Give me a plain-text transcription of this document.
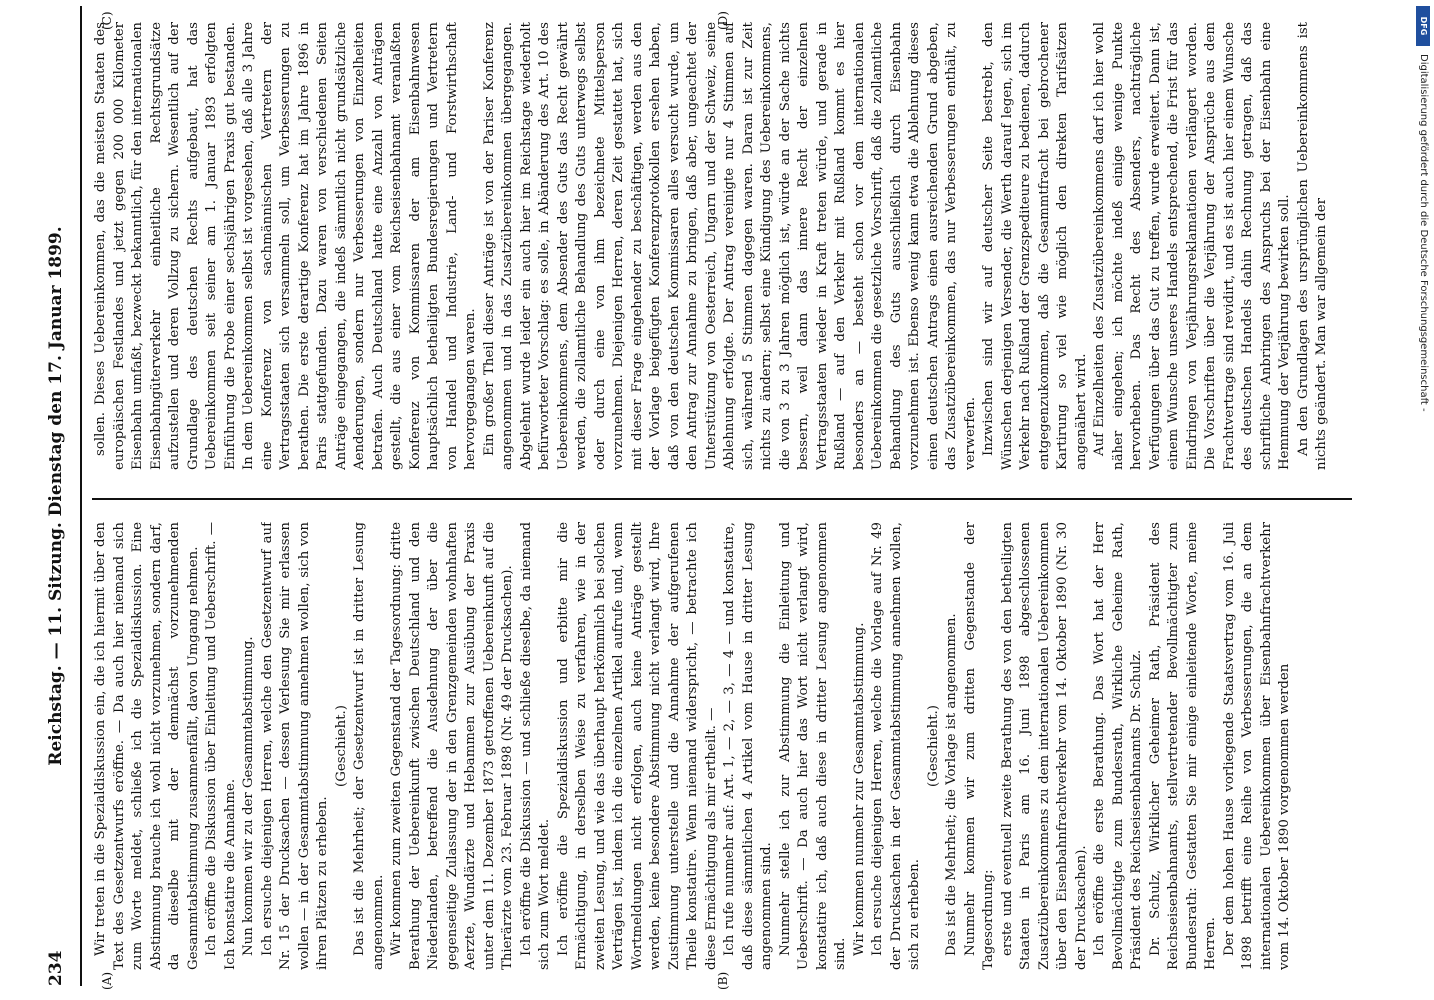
234
Reichstag. — 11. Sitzung. Dienstag den 17. Januar 1899.
(A)	(B)
(C)	(D)

Wir treten in die Spezialdiskussion ein, die ich hiermit über den Text des Gesetzentwurfs eröffne. — Da auch hier niemand sich zum Worte meldet, schließe ich die Spezialdiskussion. Eine Abstimmung brauche ich wohl nicht vorzunehmen, sondern darf, da dieselbe mit der demnächst vorzunehmenden Gesammtabstimmung zusammenfällt, davon Umgang nehmen. Ich eröffne die Diskussion über Einleitung und Ueberschrift. — Ich konstatire die Annahme. Nun kommen wir zu der Gesammtabstimmung. Ich ersuche diejenigen Herren, welche den Gesetzentwurf auf Nr. 15 der Drucksachen — dessen Verlesung Sie mir erlassen wollen — in der Gesammtabstimmung annehmen wollen, sich von ihren Plätzen zu erheben.

(Geschieht.) Das ist die Mehrheit; der Gesetzentwurf ist in dritter Lesung angenommen. Wir kommen zum zweiten Gegenstand der Tagesordnung: dritte Berathung der Uebereinkunft zwischen Deutschland und den Niederlanden, betreffend die Ausdehnung der über die gegenseitige Zulassung der in den Grenzgemeinden wohnhaften Aerzte, Wundärzte und Hebammen zur Ausübung der Praxis unter dem 11. Dezember 1873 getroffenen Uebereinkunft auf die Thierärzte vom 23. Februar 1898 (Nr. 49 der Drucksachen). Ich eröffne die Diskussion — und schließe dieselbe, da niemand sich zum Wort meldet. Ich eröffne die Spezialdiskussion und erbitte mir die Ermächtigung, in derselben Weise zu verfahren, wie in der zweiten Lesung, und wie das überhaupt herkömmlich bei solchen Verträgen ist, indem ich die einzelnen Artikel aufrufe und, wenn Wortmeldungen nicht erfolgen, auch keine Anträge gestellt werden, keine besondere Abstimmung nicht verlangt wird, Ihre Zustimmung unterstelle und die Annahme der aufgerufenen Theile konstatire. Wenn niemand widerspricht, — betrachte ich diese Ermächtigung als mir ertheilt. — Ich rufe nunmehr auf: Art. 1, — 2, — 3, — 4 — und konstatire, daß diese sämmtlichen 4 Artikel vom Hause in dritter Lesung angenommen sind. Nunmehr stelle ich zur Abstimmung die Einleitung und Ueberschrift. — Da auch hier das Wort nicht verlangt wird, konstatire ich, daß auch diese in dritter Lesung angenommen sind. Wir kommen nunmehr zur Gesammtabstimmung. Ich ersuche diejenigen Herren, welche die Vorlage auf Nr. 49 der Drucksachen in der Gesammtabstimmung annehmen wollen, sich zu erheben.

(Geschieht.) Das ist die Mehrheit; die Vorlage ist angenommen. Nunmehr kommen wir zum dritten Gegenstande der Tagesordnung: erste und eventuell zweite Berathung des von den betheiligten Staaten in Paris am 16. Juni 1898 abgeschlossenen Zusatzübereinkommens zu dem internationalen Uebereinkommen über den Eisenbahnfrachtverkehr vom 14. Oktober 1890 (Nr. 30 der Drucksachen). Ich eröffne die erste Berathung. Das Wort hat der Herr Bevollmächtigte zum Bundesrath, Wirkliche Geheime Rath, Präsident des Reichseisenbahnamts Dr. Schulz. Dr. Schulz, Wirklicher Geheimer Rath, Präsident des Reichseisenbahnamts, stellvertretender Bevollmächtigter zum Bundesrath: Gestatten Sie mir einige einleitende Worte, meine Herren. Der dem hohen Hause vorliegende Staatsvertrag vom 16. Juli 1898 betrifft eine Reihe von Verbesserungen, die an dem internationalen Uebereinkommen über Eisenbahnfrachtverkehr vom 14. Oktober 1890 vorgenommen werden

sollen. Dieses Uebereinkommen, das die meisten Staaten des europäischen Festlandes und jetzt gegen 200 000 Kilometer Eisenbahn umfaßt, bezweckt bekanntlich, für den internationalen Eisenbahngüterverkehr einheitliche Rechtsgrundsätze aufzustellen und deren Vollzug zu sichern. Wesentlich auf der Grundlage des deutschen Rechts aufgebaut, hat das Uebereinkommen seit seiner am 1. Januar 1893 erfolgten Einführung die Probe einer sechsjährigen Praxis gut bestanden. In dem Uebereinkommen selbst ist vorgesehen, daß alle 3 Jahre eine Konferenz von sachmännischen Vertretern der Vertragsstaaten sich versammeln soll, um Verbesserungen zu berathen. Die erste derartige Konferenz hat im Jahre 1896 in Paris stattgefunden. Dazu waren von verschiedenen Seiten Anträge eingegangen, die indeß sämmtlich nicht grundsätzliche Aenderungen, sondern nur Verbesserungen von Einzelheiten betrafen. Auch Deutschland hatte eine Anzahl von Anträgen gestellt, die aus einer vom Reichseisenbahnamt veranlaßten Konferenz von Kommissaren der am Eisenbahnwesen hauptsächlich betheiligten Bundesregierungen und Vertretern von Handel und Industrie, Land- und Forstwirthschaft hervorgegangen waren. Ein großer Theil dieser Anträge ist von der Pariser Konferenz angenommen und in das Zusatzübereinkommen übergegangen. Abgelehnt wurde leider ein auch hier im Reichstage wiederholt befürworteter Vorschlag: es solle, in Abänderung des Art. 10 des Uebereinkommens, dem Absender des Guts das Recht gewährt werden, die zollamtliche Behandlung des Guts unterwegs selbst oder durch eine von ihm bezeichnete Mittelsperson vorzunehmen. Diejenigen Herren, deren Zeit gestattet hat, sich mit dieser Frage eingehender zu beschäftigen, werden aus den der Vorlage beigefügten Konferenzprotokollen ersehen haben, daß von den deutschen Kommissaren alles versucht wurde, um den Antrag zur Annahme zu bringen, daß aber, ungeachtet der Unterstützung von Oesterreich, Ungarn und der Schweiz, seine Ablehnung erfolgte. Der Antrag vereinigte nur 4 Stimmen auf sich, während 5 Stimmen dagegen waren. Daran ist zur Zeit nichts zu ändern; selbst eine Kündigung des Uebereinkommens, die von 3 zu 3 Jahren möglich ist, würde an der Sache nichts bessern, weil dann das innere Recht der einzelnen Vertragsstaaten wieder in Kraft treten würde, und gerade in Rußland — auf den Verkehr mit Rußland kommt es hier besonders an — besteht schon vor dem internationalen Uebereinkommen die gesetzliche Vorschrift, daß die zollamtliche Behandlung des Guts ausschließlich durch Eisenbahn vorzunehmen ist. Ebenso wenig kann etwa die Ablehnung dieses einen deutschen Antrags einen ausreichenden Grund abgeben, das Zusatzübereinkommen, das nur Verbesserungen enthält, zu verwerfen. Inzwischen sind wir auf deutscher Seite bestrebt, den Wünschen derjenigen Versender, die Werth darauf legen, sich im Verkehr nach Rußland der Grenzspediteure zu bedienen, dadurch entgegenzukommen, daß die Gesammtfracht bei gebrochener Kartirung so viel wie möglich den direkten Tarifsätzen angenähert wird. Auf Einzelheiten des Zusatzübereinkommens darf ich hier wohl näher eingehen; ich möchte indeß einige wenige Punkte hervorheben. Das Recht des Absenders, nachträgliche Verfügungen über das Gut zu treffen, wurde erweitert. Dann ist, einem Wunsche unseres Handels entsprechend, die Frist für das Eindringen von Verjährungsreklamationen verlängert worden. Die Vorschriften über die Verjährung der Ansprüche aus dem Frachtvertrage sind revidirt, und es ist auch hier einem Wunsche des deutschen Handels dahin Rechnung getragen, daß das schriftliche Anbringen des Anspruchs bei der Eisenbahn eine Hemmung der Verjährung bewirken soll. An den Grundlagen des ursprünglichen Uebereinkommens ist nichts geändert. Man war allgemein der	Digitalisierung gefördert durch die Deutsche Forschungsgemeinschaft -
DFG
